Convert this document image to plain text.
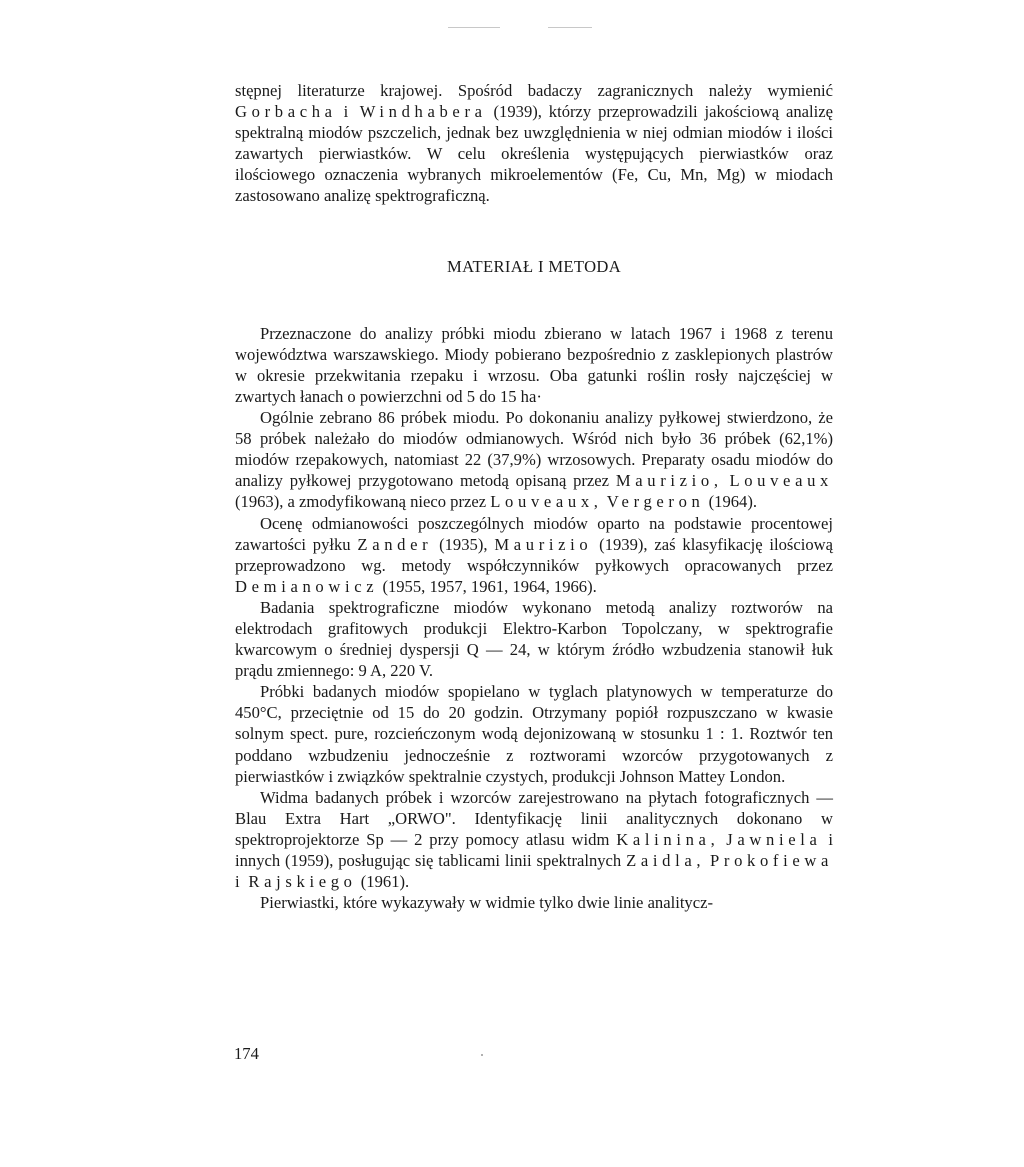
stępnej literaturze krajowej. Spośród badaczy zagranicznych należy wymienić Gorbacha i Windhabera (1939), którzy przeprowadzili jakościową analizę spektralną miodów pszczelich, jednak bez uwzględnienia w niej odmian miodów i ilości zawartych pierwiastków. W celu określenia występujących pierwiastków oraz ilościowego oznaczenia wybranych mikroelementów (Fe, Cu, Mn, Mg) w miodach zastosowano analizę spektrograficzną.

MATERIAŁ I METODA

Przeznaczone do analizy próbki miodu zbierano w latach 1967 i 1968 z terenu województwa warszawskiego. Miody pobierano bezpośrednio z zasklepionych plastrów w okresie przekwitania rzepaku i wrzosu. Oba gatunki roślin rosły najczęściej w zwartych łanach o powierzchni od 5 do 15 ha·

Ogólnie zebrano 86 próbek miodu. Po dokonaniu analizy pyłkowej stwierdzono, że 58 próbek należało do miodów odmianowych. Wśród nich było 36 próbek (62,1%) miodów rzepakowych, natomiast 22 (37,9%) wrzosowych. Preparaty osadu miodów do analizy pyłkowej przygotowano metodą opisaną przez Maurizio, Louveaux (1963), a zmodyfikowaną nieco przez Louveaux, Vergeron (1964).

Ocenę odmianowości poszczególnych miodów oparto na podstawie procentowej zawartości pyłku Zander (1935), Maurizio (1939), zaś klasyfikację ilościową przeprowadzono wg. metody współczynników pyłkowych opracowanych przez Demianowicz (1955, 1957, 1961, 1964, 1966).

Badania spektrograficzne miodów wykonano metodą analizy roztworów na elektrodach grafitowych produkcji Elektro-Karbon Topolczany, w spektrografie kwarcowym o średniej dyspersji Q — 24, w którym źródło wzbudzenia stanowił łuk prądu zmiennego: 9 A, 220 V.

Próbki badanych miodów spopielano w tyglach platynowych w temperaturze do 450°C, przeciętnie od 15 do 20 godzin. Otrzymany popiół rozpuszczano w kwasie solnym spect. pure, rozcieńczonym wodą dejonizowaną w stosunku 1 : 1. Roztwór ten poddano wzbudzeniu jednocześnie z roztworami wzorców przygotowanych z pierwiastków i związków spektralnie czystych, produkcji Johnson Mattey London.

Widma badanych próbek i wzorców zarejestrowano na płytach fotograficznych — Blau Extra Hart „ORWO". Identyfikację linii analitycznych dokonano w spektroprojektorze Sp — 2 przy pomocy atlasu widm Kalinina, Jawniela i innych (1959), posługując się tablicami linii spektralnych Zaidla, Prokofiewa i Rajskiego (1961).

Pierwiastki, które wykazywały w widmie tylko dwie linie analitycz-

174
